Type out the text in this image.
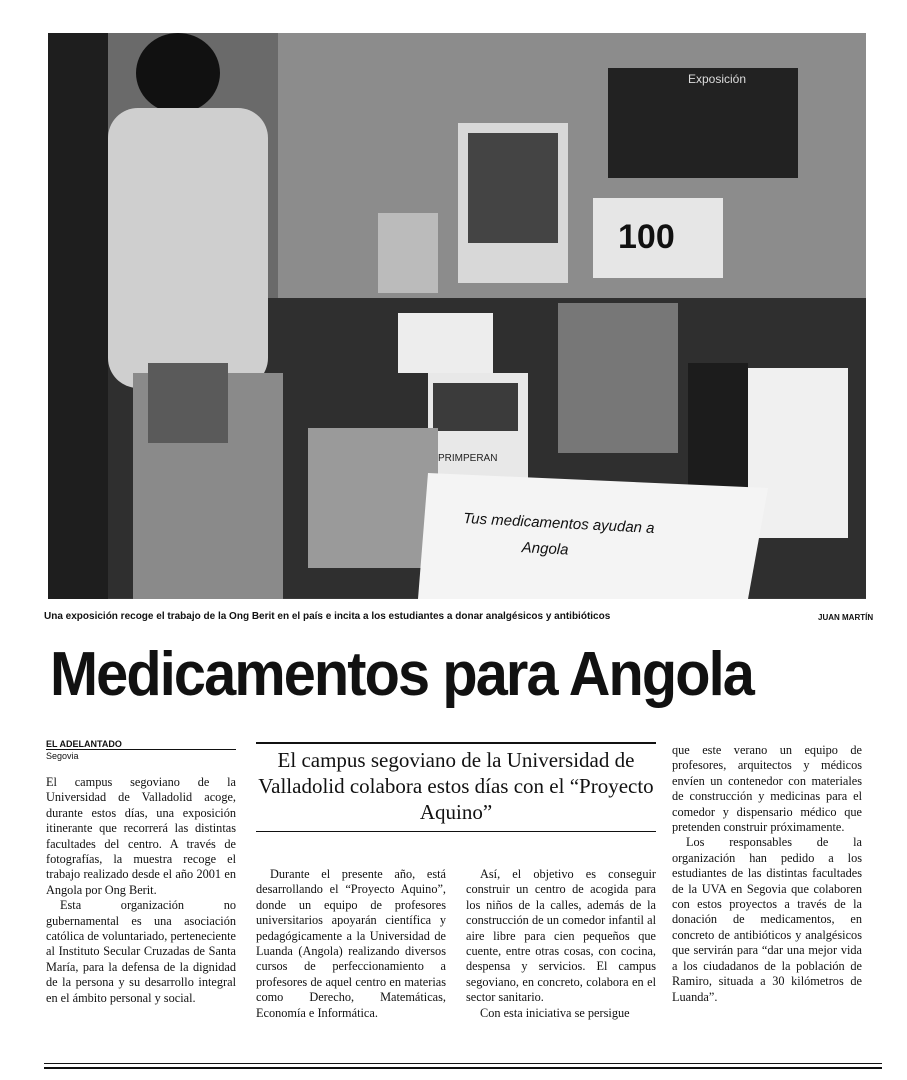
Exposición
100
PRIMPERAN
Tus medicamentos ayudan a Angola
Una exposición recoge el trabajo de la Ong Berit en el país e incita a los estudiantes a donar analgésicos y antibióticos	JUAN MARTÍN
Medicamentos para Angola
EL ADELANTADO
Segovia	El campus segoviano de la Universidad de Valladolid colabora estos días con el “Proyecto Aquino”

El campus segoviano de la Universidad de Valladolid acoge, durante estos días, una exposición itinerante que recorrerá las distintas facultades del centro. A través de fotografías, la muestra recoge el trabajo realizado desde el año 2001 en Angola por Ong Berit.

Esta organización no gubernamental es una asociación católica de voluntariado, perteneciente al Instituto Secular Cruzadas de Santa María, para la defensa de la dignidad de la persona y su desarrollo integral en el ámbito personal y social.

Durante el presente año, está desarrollando el “Proyecto Aquino”, donde un equipo de profesores universitarios apoyarán científica y pedagógicamente a la Universidad de Luanda (Angola) realizando diversos cursos de perfeccionamiento a profesores de aquel centro en materias como Derecho, Matemáticas, Economía e Informática.

Así, el objetivo es conseguir construir un centro de acogida para los niños de la calles, además de la construcción de un comedor infantil al aire libre para cien pequeños que cuente, entre otras cosas, con cocina, despensa y servicios. El campus segoviano, en concreto, colabora en el sector sanitario.

Con esta iniciativa se persigue

que este verano un equipo de profesores, arquitectos y médicos envíen un contenedor con materiales de construcción y medicinas para el comedor y dispensario médico que pretenden construir próximamente.

Los responsables de la organización han pedido a los estudiantes de las distintas facultades de la UVA en Segovia que colaboren con estos proyectos a través de la donación de medicamentos, en concreto de antibióticos y analgésicos que servirán para “dar una mejor vida a los ciudadanos de la población de Ramiro, situada a 30 kilómetros de Luanda”.
